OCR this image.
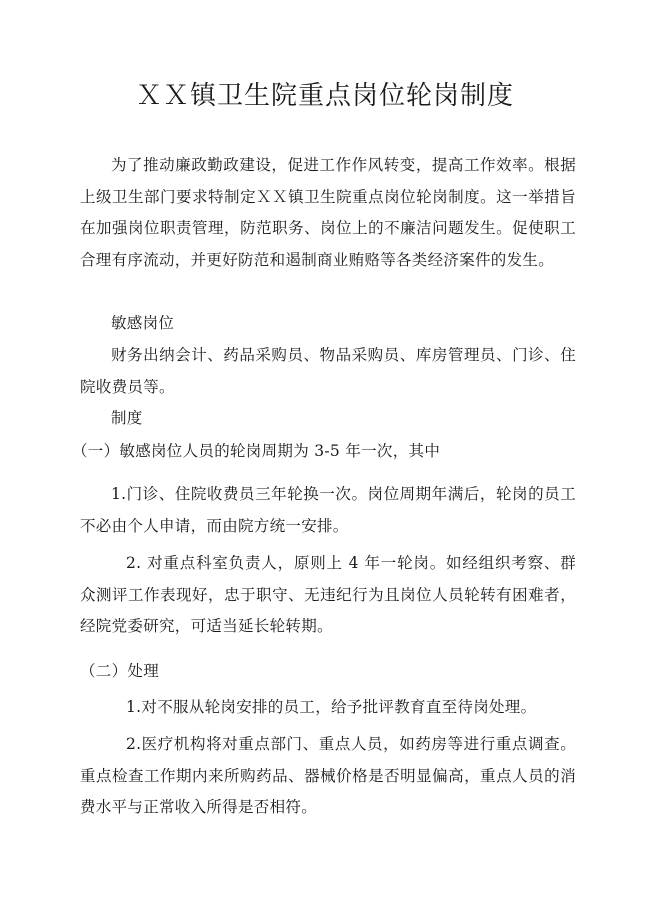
ＸＸ镇卫生院重点岗位轮岗制度
为了推动廉政勤政建设，促进工作作风转变，提高工作效率。根据上级卫生部门要求特制定ＸＸ镇卫生院重点岗位轮岗制度。这一举措旨在加强岗位职责管理，防范职务、岗位上的不廉洁问题发生。促使职工合理有序流动，并更好防范和遏制商业贿赂等各类经济案件的发生。
敏感岗位
财务出纳会计、药品采购员、物品采购员、库房管理员、门诊、住院收费员等。
制度
（一）敏感岗位人员的轮岗周期为 3-5 年一次，其中
1.门诊、住院收费员三年轮换一次。岗位周期年满后，轮岗的员工不必由个人申请，而由院方统一安排。
2. 对重点科室负责人，原则上 4 年一轮岗。如经组织考察、群众测评工作表现好，忠于职守、无违纪行为且岗位人员轮转有困难者，经院党委研究，可适当延长轮转期。
（二）处理
1.对不服从轮岗安排的员工，给予批评教育直至待岗处理。
2.医疗机构将对重点部门、重点人员，如药房等进行重点调查。重点检查工作期内来所购药品、器械价格是否明显偏高，重点人员的消费水平与正常收入所得是否相符。
